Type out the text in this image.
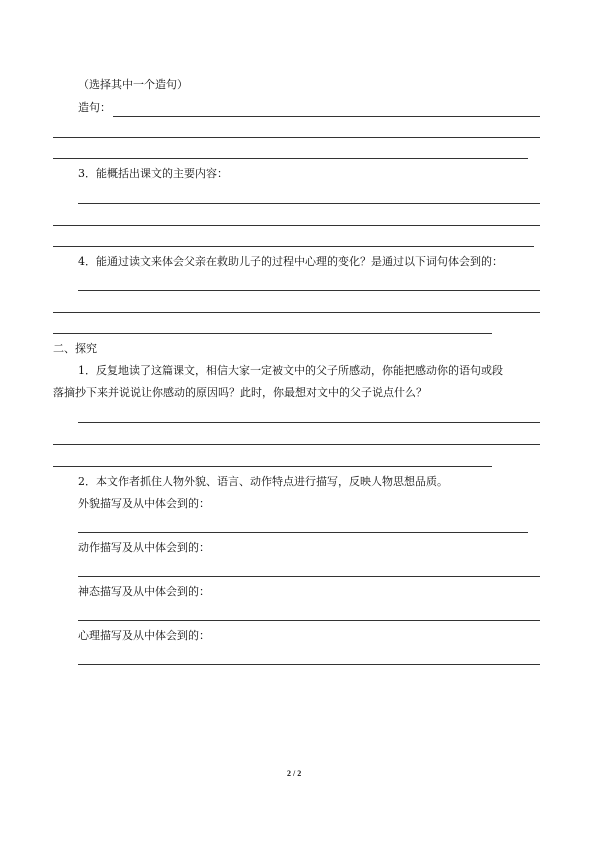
（选择其中一个造句）
造句：
3．能概括出课文的主要内容：
4．能通过读文来体会父亲在救助儿子的过程中心理的变化？是通过以下词句体会到的：
二、探究
1．反复地读了这篇课文，相信大家一定被文中的父子所感动，你能把感动你的语句或段
落摘抄下来并说说让你感动的原因吗？此时，你最想对文中的父子说点什么？
2．本文作者抓住人物外貌、语言、动作特点进行描写，反映人物思想品质。
外貌描写及从中体会到的：
动作描写及从中体会到的：
神态描写及从中体会到的：
心理描写及从中体会到的：
2 / 2
